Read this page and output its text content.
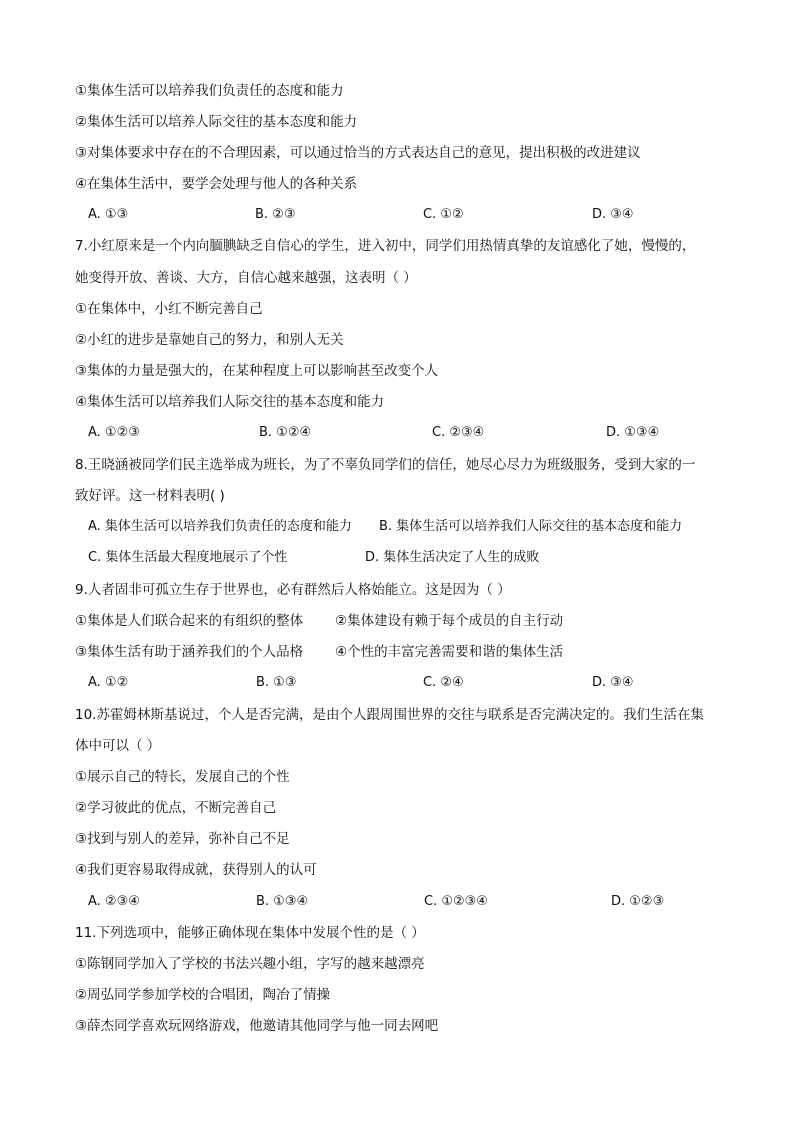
①集体生活可以培养我们负责任的态度和能力
②集体生活可以培养人际交往的基本态度和能力
③对集体要求中存在的不合理因素，可以通过恰当的方式表达自己的意见，提出积极的改进建议
④在集体生活中，要学会处理与他人的各种关系
A. ①③	B. ②③	C. ①②	D. ③④
7.小红原来是一个内向腼腆缺乏自信心的学生，进入初中，同学们用热情真挚的友谊感化了她，慢慢的，
她变得开放、善谈、大方，自信心越来越强，这表明（ ）
①在集体中，小红不断完善自己
②小红的进步是靠她自己的努力，和别人无关
③集体的力量是强大的，在某种程度上可以影响甚至改变个人
④集体生活可以培养我们人际交往的基本态度和能力
A. ①②③	B. ①②④	C. ②③④	D. ①③④
8.王晓涵被同学们民主选举成为班长，为了不辜负同学们的信任，她尽心尽力为班级服务，受到大家的一
致好评。这一材料表明( )
A. 集体生活可以培养我们负责任的态度和能力 B. 集体生活可以培养我们人际交往的基本态度和能力
C. 集体生活最大程度地展示了个性	D. 集体生活决定了人生的成败
9.人者固非可孤立生存于世界也，必有群然后人格始能立。这是因为（ ）
①集体是人们联合起来的有组织的整体 ②集体建设有赖于每个成员的自主行动
③集体生活有助于涵养我们的个人品格 ④个性的丰富完善需要和谐的集体生活
A. ①②	B. ①③	C. ②④	D. ③④
10.苏霍姆林斯基说过，个人是否完满，是由个人跟周围世界的交往与联系是否完满决定的。我们生活在集
体中可以（ ）
①展示自己的特长，发展自己的个性
②学习彼此的优点，不断完善自己
③找到与别人的差异，弥补自己不足
④我们更容易取得成就，获得别人的认可
A. ②③④	B. ①③④	C. ①②③④	D. ①②③
11.下列选项中，能够正确体现在集体中发展个性的是（ ）
①陈钢同学加入了学校的书法兴趣小组，字写的越来越漂亮
②周弘同学参加学校的合唱团，陶冶了情操
③薛杰同学喜欢玩网络游戏，他邀请其他同学与他一同去网吧
